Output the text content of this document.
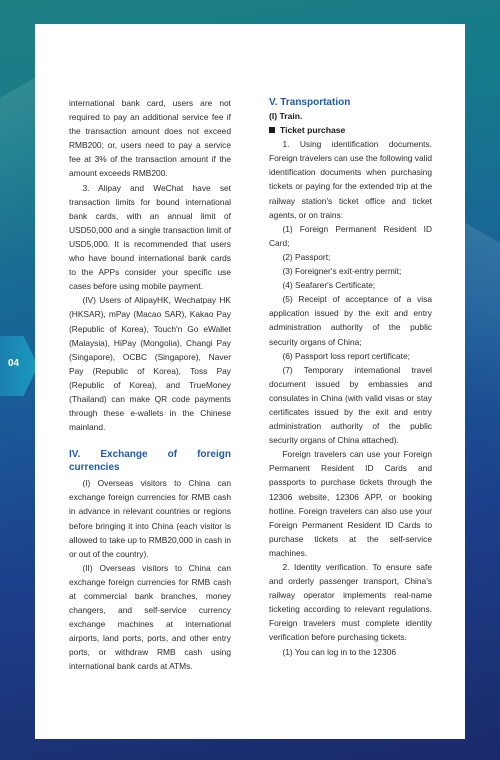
04

international bank card, users are not required to pay an additional service fee if the transaction amount does not exceed RMB200; or, users need to pay a service fee at 3% of the transaction amount if the amount exceeds RMB200.

3. Alipay and WeChat have set transaction limits for bound international bank cards, with an annual limit of USD50,000 and a single transaction limit of USD5,000. It is recommended that users who have bound international bank cards to the APPs consider your specific use cases before using mobile payment.

(IV) Users of AlipayHK, Wechatpay HK (HKSAR), mPay (Macao SAR), Kakao Pay (Republic of Korea), Touch'n Go eWallet (Malaysia), HiPay (Mongolia), Changi Pay (Singapore), OCBC (Singapore), Naver Pay (Republic of Korea), Toss Pay (Republic of Korea), and TrueMoney (Thailand) can make QR code payments through these e-wallets in the Chinese mainland.

IV. Exchange of foreign currencies

(I) Overseas visitors to China can exchange foreign currencies for RMB cash in advance in relevant countries or regions before bringing it into China (each visitor is allowed to take up to RMB20,000 in cash in or out of the country).

(II) Overseas visitors to China can exchange foreign currencies for RMB cash at commercial bank branches, money changers, and self-service currency exchange machines at international airports, land ports, ports, and other entry ports, or withdraw RMB cash using international bank cards at ATMs.

V. Transportation

(I) Train.

Ticket purchase

1. Using identification documents. Foreign travelers can use the following valid identification documents when purchasing tickets or paying for the extended trip at the railway station's ticket office and ticket agents, or on trains:

(1) Foreign Permanent Resident ID Card;

(2) Passport;

(3) Foreigner's exit-entry permit;

(4) Seafarer's Certificate;

(5) Receipt of acceptance of a visa application issued by the exit and entry administration authority of the public security organs of China;

(6) Passport loss report certificate;

(7) Temporary international travel document issued by embassies and consulates in China (with valid visas or stay certificates issued by the exit and entry administration authority of the public security organs of China attached).

Foreign travelers can use your Foreign Permanent Resident ID Cards and passports to purchase tickets through the 12306 website, 12306 APP, or booking hotline. Foreign travelers can also use your Foreign Permanent Resident ID Cards to purchase tickets at the self-service machines.

2. Identity verification. To ensure safe and orderly passenger transport, China's railway operator implements real-name ticketing according to relevant regulations. Foreign travelers must complete identity verification before purchasing tickets.

(1) You can log in to the 12306
